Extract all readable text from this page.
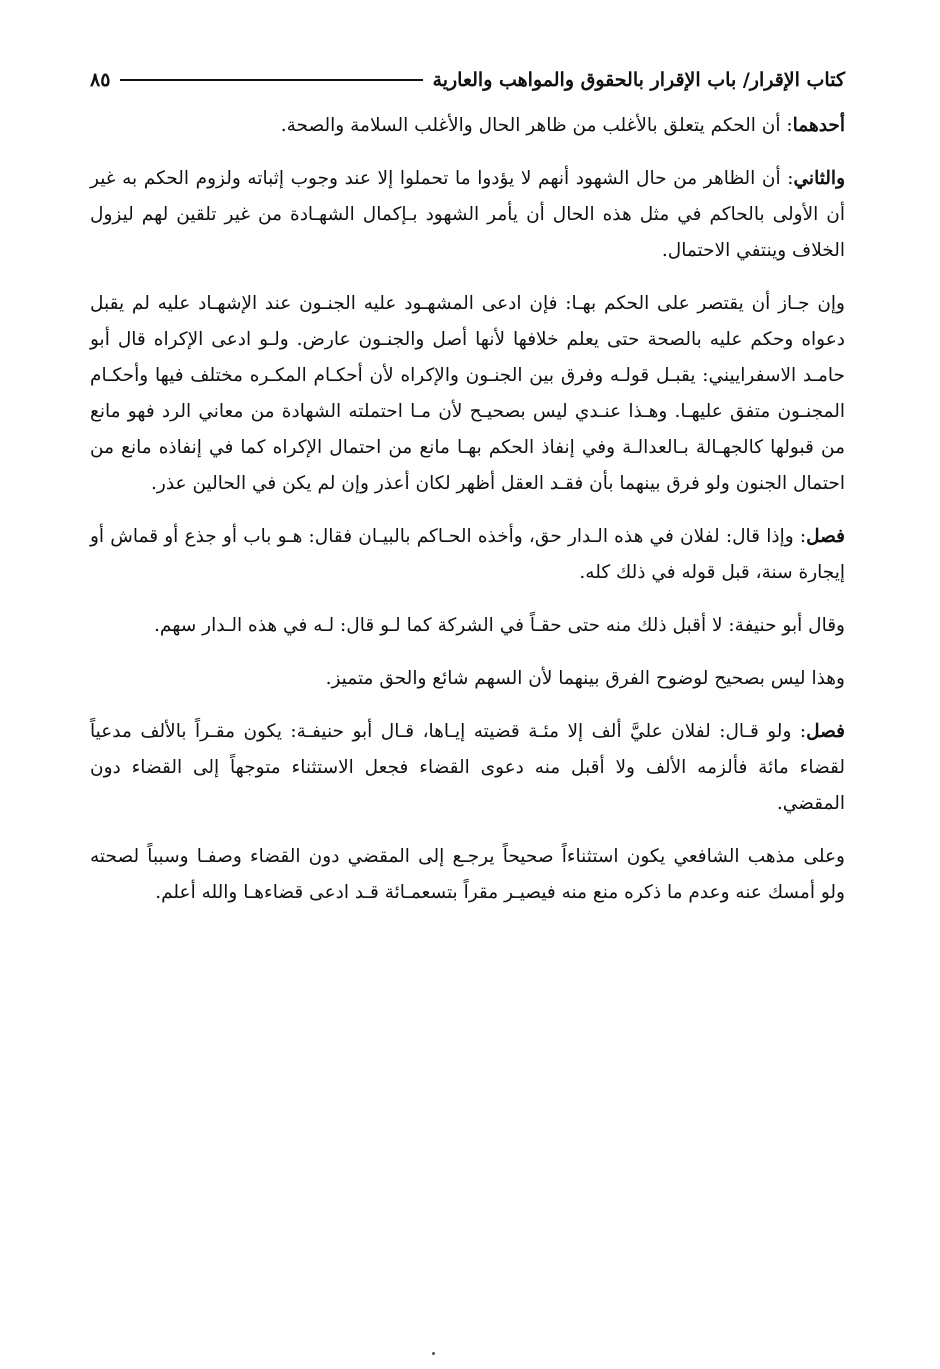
كتاب الإقرار/ باب الإقرار بالحقوق والمواهب والعارية
٨٥

أحدهما: أن الحكم يتعلق بالأغلب من ظاهر الحال والأغلب السلامة والصحة.

والثاني: أن الظاهر من حال الشهود أنهم لا يؤدوا ما تحملوا إلا عند وجوب إثباته ولزوم الحكم به غير أن الأولى بالحاكم في مثل هذه الحال أن يأمر الشهود بـإكمال الشهـادة من غير تلقين لهم ليزول الخلاف وينتفي الاحتمال.

وإن جـاز أن يقتصر على الحكم بهـا: فإن ادعى المشهـود عليه الجنـون عند الإشهـاد عليه لم يقبل دعواه وحكم عليه بالصحة حتى يعلم خلافها لأنها أصل والجنـون عارض. ولـو ادعى الإكراه قال أبو حامـد الاسفراييني: يقبـل قولـه وفرق بين الجنـون والإكراه لأن أحكـام المكـره مختلف فيها وأحكـام المجنـون متفق عليهـا. وهـذا عنـدي ليس بصحيـح لأن مـا احتملته الشهادة من معاني الرد فهو مانع من قبولها كالجهـالة بـالعدالـة وفي إنفاذ الحكم بهـا مانع من احتمال الإكراه كما في إنفاذه مانع من احتمال الجنون ولو فرق بينهما بأن فقـد العقل أظهر لكان أعذر وإن لم يكن في الحالين عذر.

فصل: وإذا قال: لفلان في هذه الـدار حق، وأخذه الحـاكم بالبيـان فقال: هـو باب أو جذع أو قماش أو إيجارة سنة، قبل قوله في ذلك كله.

وقال أبو حنيفة: لا أقبل ذلك منه حتى حقـاً في الشركة كما لـو قال: لـه في هذه الـدار سهم.

وهذا ليس بصحيح لوضوح الفرق بينهما لأن السهم شائع والحق متميز.

فصل: ولو قـال: لفلان عليَّ ألف إلا مئـة قضيته إيـاها، قـال أبو حنيفـة: يكون مقـراً بالألف مدعياً لقضاء مائة فألزمه الألف ولا أقبل منه دعوى القضاء فجعل الاستثناء متوجهاً إلى القضاء دون المقضي.

وعلى مذهب الشافعي يكون استثناءاً صحيحاً يرجـع إلى المقضي دون القضاء وصفـا وسبباً لصحته ولو أمسك عنه وعدم ما ذكره منع منه فيصيـر مقراً بتسعمـائة قـد ادعى قضاءهـا والله أعلم.
